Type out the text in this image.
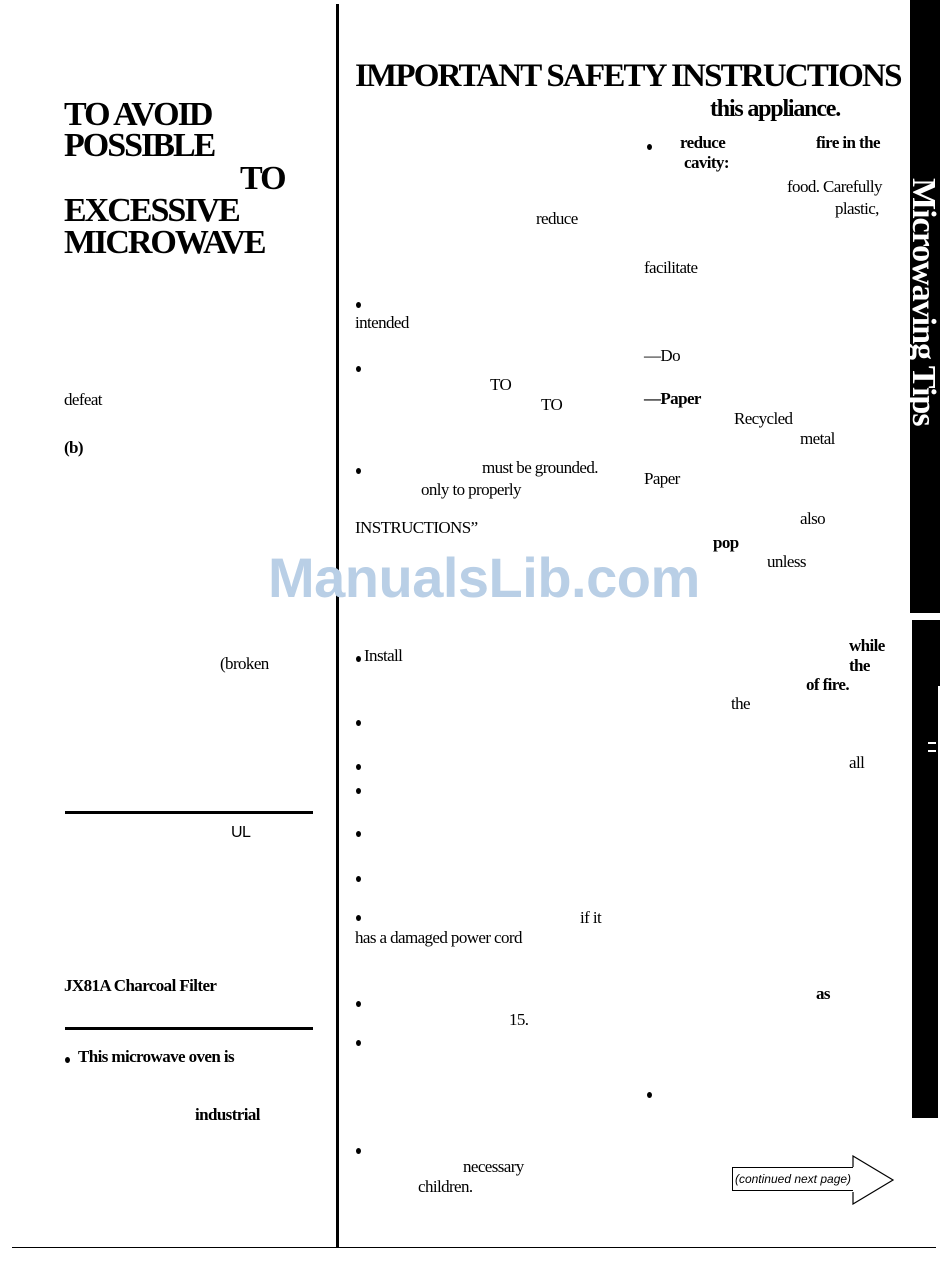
TO AVOID
POSSIBLE
TO
EXCESSIVE
MICROWAVE
defeat
(b)
(broken
UL
JX81A Charcoal Filter
This microwave oven is
industrial
IMPORTANT SAFETY INSTRUCTIONS
this appliance.
reduce
intended
TO
TO
must be grounded.
only to properly
INSTRUCTIONS”
Install
if it
has a damaged power cord
15.
necessary
children.
reduce	fire in the
cavity:
food. Carefully
plastic,
facilitate
—Do
—Paper
Recycled
metal
Paper
also
pop
unless
while
the
of fire.
the
all
as
(continued next page)
Microwaving Tips
ManualsLib.com
